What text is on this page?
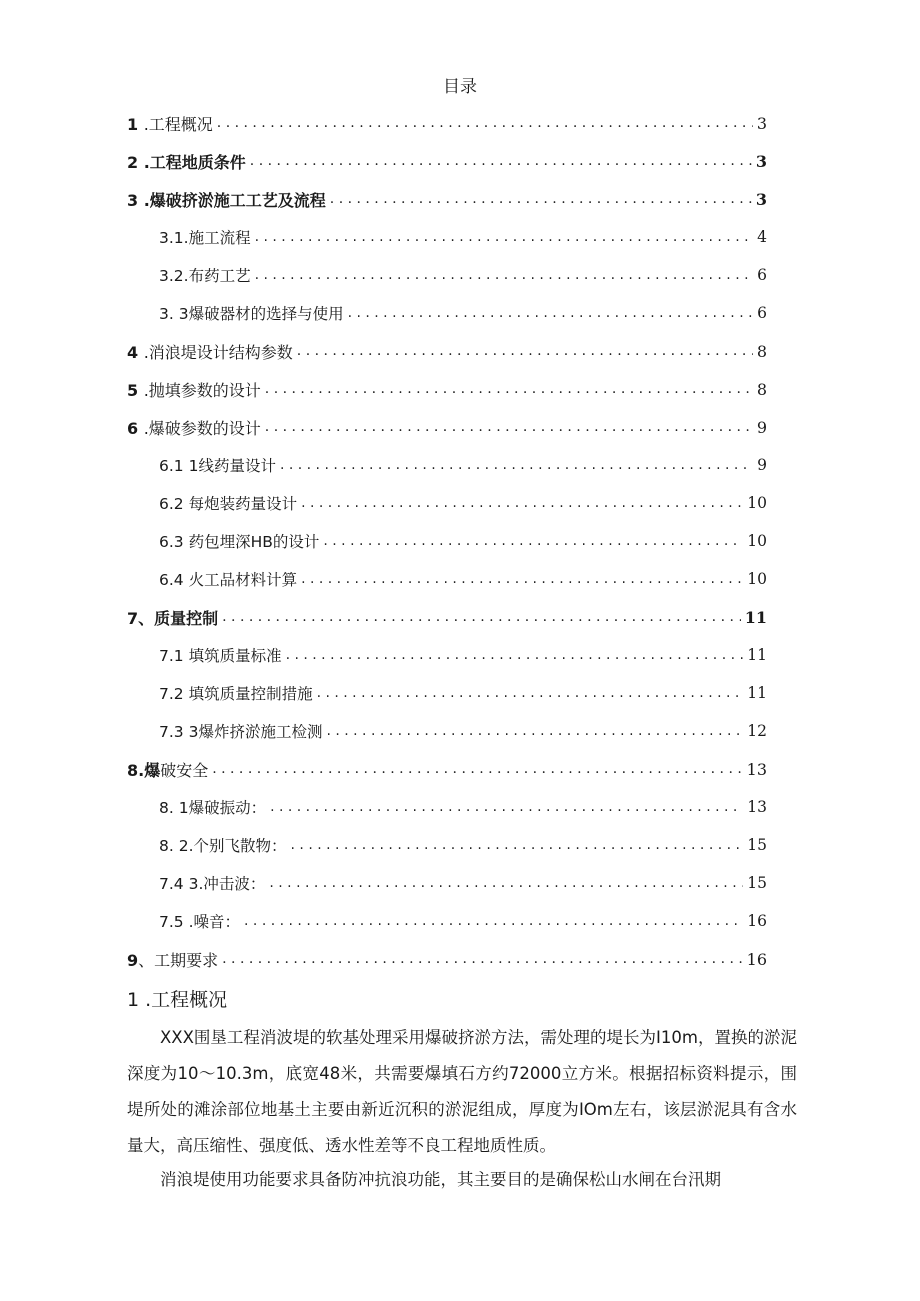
目录
1 .工程概况 . . .	3
2 .工程地质条件 . . .	3
3 .爆破挤淤施工工艺及流程 . . .	3
3.1.施工流程 . . .	4
3.2.布药工艺 . . .	6
3. 3爆破器材的选择与使用 . . .	6
4 .消浪堤设计结构参数 . . .	8
5 .抛填参数的设计 . . .	8
6 .爆破参数的设计 . . .	9
6.1 1线药量设计 . . .	9
6.2 每炮装药量设计 . . .	10
6.3 药包埋深HB的设计 . . .	10
6.4 火工品材料计算 . . .	10
7、质量控制 . . .	11
7.1 填筑质量标准 . . .	11
7.2 填筑质量控制措施 . . .	11
7.3 3爆炸挤淤施工检测 . . .	12
8.爆破安全 . . .	13
8. 1爆破振动： . . .	13
8. 2.个别飞散物： . . .	15
7.4 3.冲击波： . . .	15
7.5 .噪音： . . .	16
9、工期要求 . . .	16
1 .工程概况

XXX围垦工程消波堤的软基处理采用爆破挤淤方法，需处理的堤长为I10m，置换的淤泥深度为10～10.3m，底宽48米，共需要爆填石方约72000立方米。根据招标资料提示，围堤所处的滩涂部位地基土主要由新近沉积的淤泥组成，厚度为IOm左右，该层淤泥具有含水量大，高压缩性、强度低、透水性差等不良工程地质性质。

消浪堤使用功能要求具备防冲抗浪功能，其主要目的是确保松山水闸在台汛期
